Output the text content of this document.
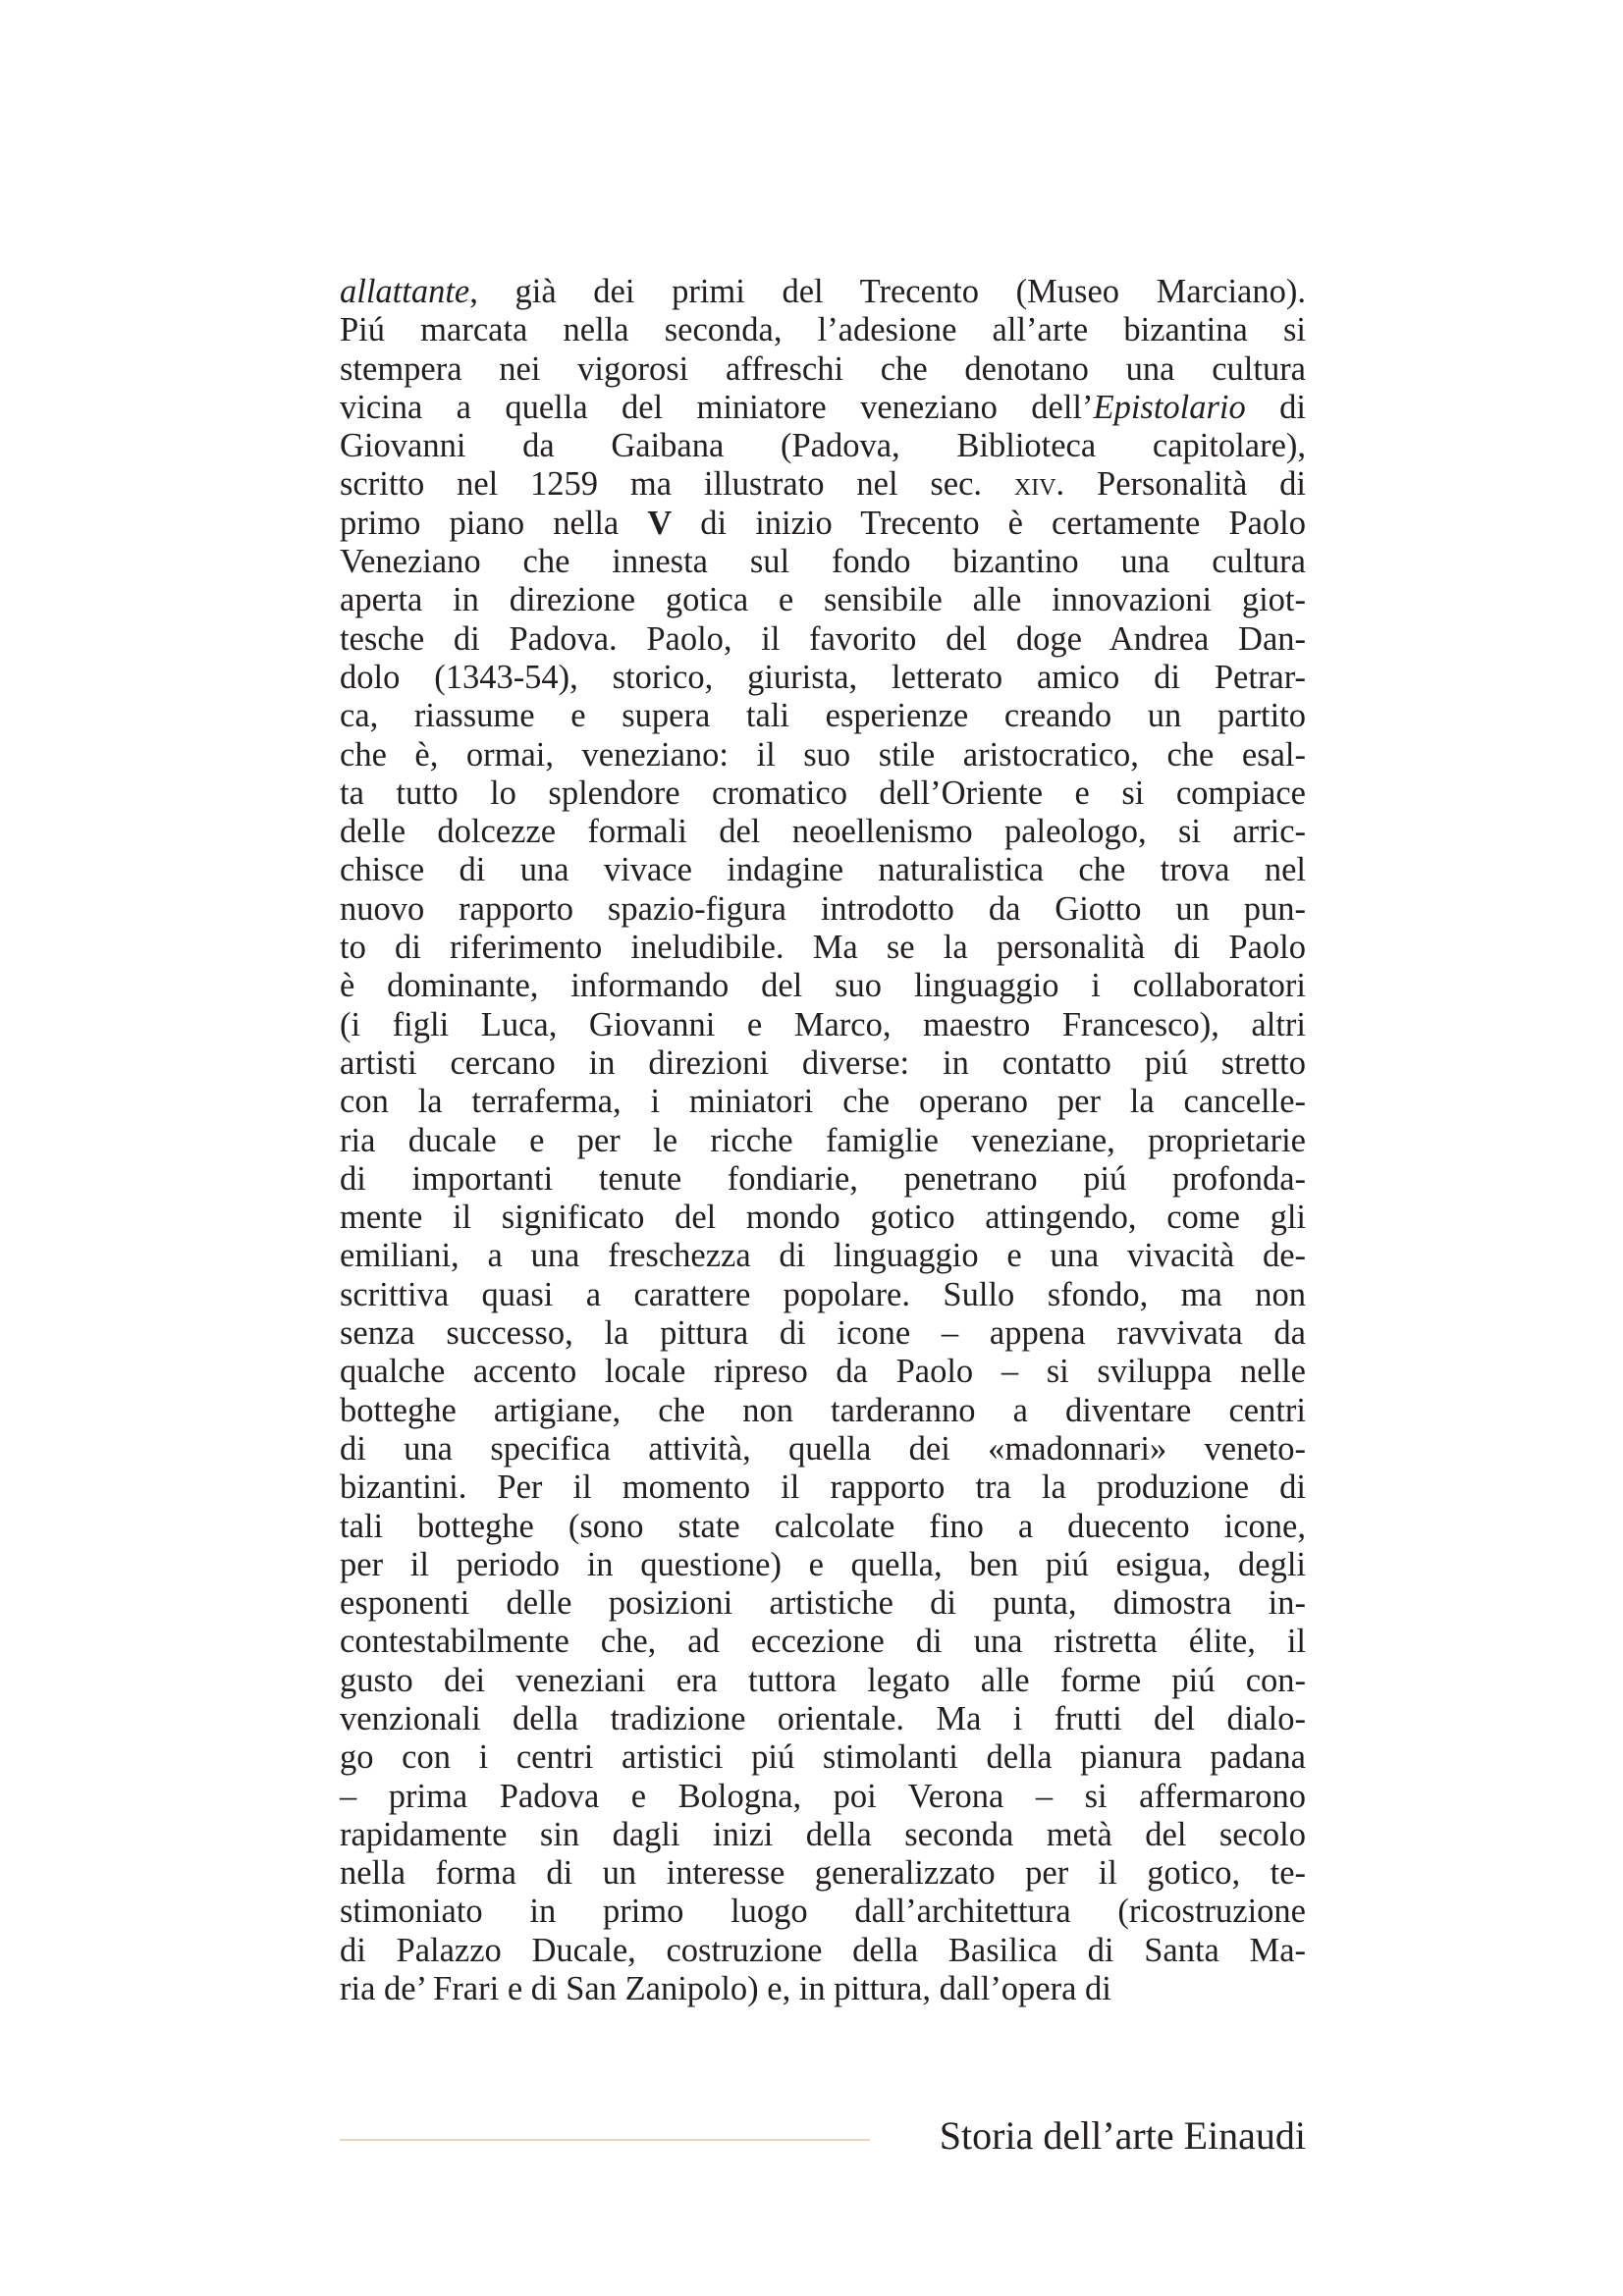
allattante, già dei primi del Trecento (Museo Marciano).
Piú marcata nella seconda, l’adesione all’arte bizantina si
stempera nei vigorosi affreschi che denotano una cultura
vicina a quella del miniatore veneziano dell’Epistolario di
Giovanni da Gaibana (Padova, Biblioteca capitolare),
scritto nel 1259 ma illustrato nel sec. xiv. Personalità di
primo piano nella V di inizio Trecento è certamente Paolo
Veneziano che innesta sul fondo bizantino una cultura
aperta in direzione gotica e sensibile alle innovazioni giot-
tesche di Padova. Paolo, il favorito del doge Andrea Dan-
dolo (1343-54), storico, giurista, letterato amico di Petrar-
ca, riassume e supera tali esperienze creando un partito
che è, ormai, veneziano: il suo stile aristocratico, che esal-
ta tutto lo splendore cromatico dell’Oriente e si compiace
delle dolcezze formali del neoellenismo paleologo, si arric-
chisce di una vivace indagine naturalistica che trova nel
nuovo rapporto spazio-figura introdotto da Giotto un pun-
to di riferimento ineludibile. Ma se la personalità di Paolo
è dominante, informando del suo linguaggio i collaboratori
(i figli Luca, Giovanni e Marco, maestro Francesco), altri
artisti cercano in direzioni diverse: in contatto piú stretto
con la terraferma, i miniatori che operano per la cancelle-
ria ducale e per le ricche famiglie veneziane, proprietarie
di importanti tenute fondiarie, penetrano piú profonda-
mente il significato del mondo gotico attingendo, come gli
emiliani, a una freschezza di linguaggio e una vivacità de-
scrittiva quasi a carattere popolare. Sullo sfondo, ma non
senza successo, la pittura di icone – appena ravvivata da
qualche accento locale ripreso da Paolo – si sviluppa nelle
botteghe artigiane, che non tarderanno a diventare centri
di una specifica attività, quella dei «madonnari» veneto-
bizantini. Per il momento il rapporto tra la produzione di
tali botteghe (sono state calcolate fino a duecento icone,
per il periodo in questione) e quella, ben piú esigua, degli
esponenti delle posizioni artistiche di punta, dimostra in-
contestabilmente che, ad eccezione di una ristretta élite, il
gusto dei veneziani era tuttora legato alle forme piú con-
venzionali della tradizione orientale. Ma i frutti del dialo-
go con i centri artistici piú stimolanti della pianura padana
– prima Padova e Bologna, poi Verona – si affermarono
rapidamente sin dagli inizi della seconda metà del secolo
nella forma di un interesse generalizzato per il gotico, te-
stimoniato in primo luogo dall’architettura (ricostruzione
di Palazzo Ducale, costruzione della Basilica di Santa Ma-
ria de’ Frari e di San Zanipolo) e, in pittura, dall’opera di
Storia dell’arte Einaudi
